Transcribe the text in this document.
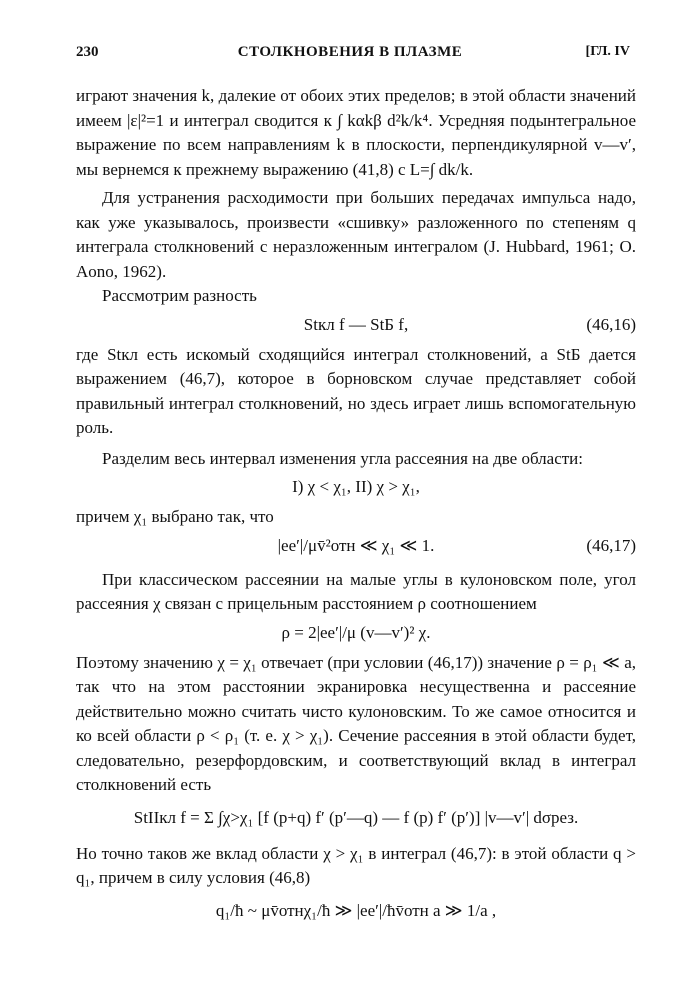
230	СТОЛКНОВЕНИЯ В ПЛАЗМЕ	[ГЛ. IV

играют значения k, далекие от обоих этих пределов; в этой области значений имеем |ε|²=1 и интеграл сводится к ∫ kαkβ d²k/k⁴. Усредняя подынтегральное выражение по всем направлениям k в плоскости, перпендикулярной v—v′, мы вернемся к прежнему выражению (41,8) с L=∫ dk/k.

Для устранения расходимости при больших передачах импульса надо, как уже указывалось, произвести «сшивку» разложенного по степеням q интеграла столкновений с неразложенным интегралом (J. Hubbard, 1961; O. Aono, 1962).

Рассмотрим разность

Stкл f — StБ f,	(46,16)

где Stкл есть искомый сходящийся интеграл столкновений, а StБ дается выражением (46,7), которое в борновском случае представляет собой правильный интеграл столкновений, но здесь играет лишь вспомогательную роль.

Разделим весь интервал изменения угла рассеяния на две области:

I) χ < χ₁, II) χ > χ₁,

причем χ₁ выбрано так, что

|ee′|/μv̄²отн ≪ χ₁ ≪ 1.	(46,17)

При классическом рассеянии на малые углы в кулоновском поле, угол рассеяния χ связан с прицельным расстоянием ρ соотношением

ρ = 2|ee′|/μ (v—v′)² χ.

Поэтому значению χ = χ₁ отвечает (при условии (46,17)) значение ρ = ρ₁ ≪ a, так что на этом расстоянии экранировка несущественна и рассеяние действительно можно считать чисто кулоновским. То же самое относится и ко всей области ρ < ρ₁ (т. е. χ > χ₁). Сечение рассеяния в этой области будет, следовательно, резерфордовским, и соответствующий вклад в интеграл столкновений есть

StIIкл f = Σ ∫χ>χ₁ [f (p+q) f′ (p′—q) — f (p) f′ (p′)] |v—v′| dσрез.

Но точно таков же вклад области χ > χ₁ в интеграл (46,7): в этой области q > q₁, причем в силу условия (46,8)

q₁/ħ ~ μv̄отнχ₁/ħ ≫ |ee′|/ħv̄отн a ≫ 1/a ,
